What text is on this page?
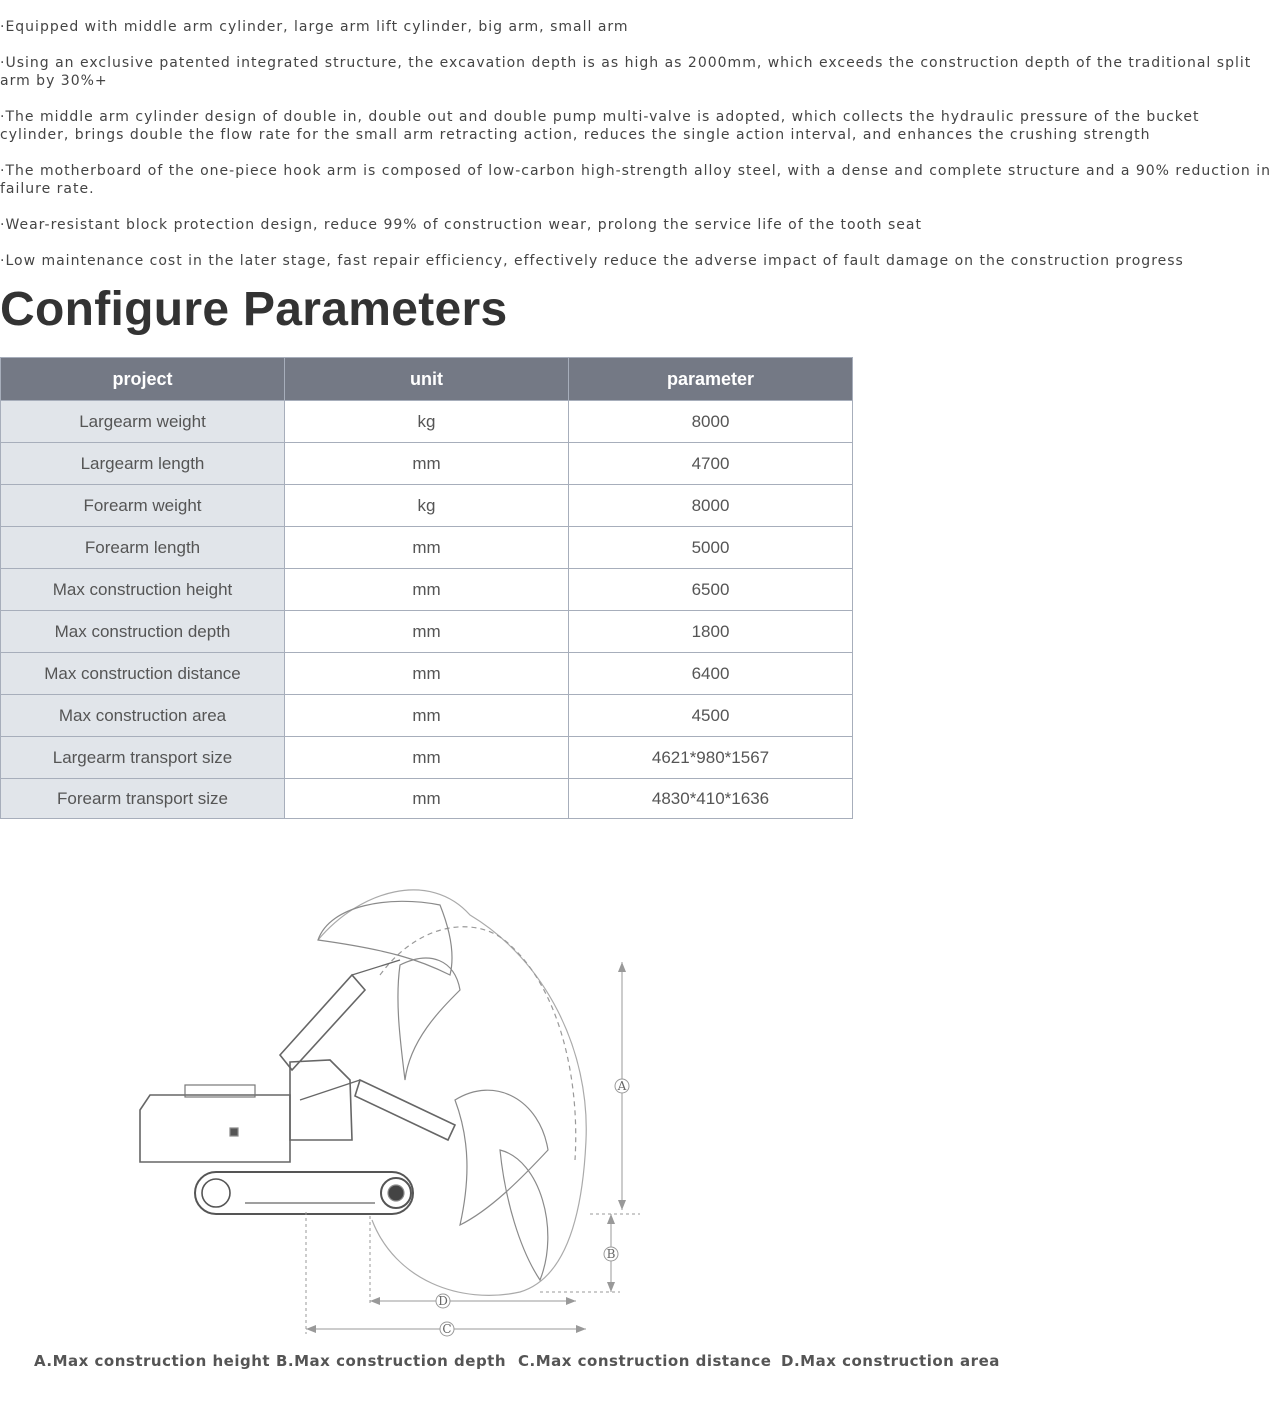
·Equipped with middle arm cylinder, large arm lift cylinder, big arm, small arm

·Using an exclusive patented integrated structure, the excavation depth is as high as 2000mm, which exceeds the construction depth of the traditional split arm by 30%+

·The middle arm cylinder design of double in, double out and double pump multi-valve is adopted, which collects the hydraulic pressure of the bucket cylinder, brings double the flow rate for the small arm retracting action, reduces the single action interval, and enhances the crushing strength

·The motherboard of the one-piece hook arm is composed of low-carbon high-strength alloy steel, with a dense and complete structure and a 90% reduction in failure rate.

·Wear-resistant block protection design, reduce 99% of construction wear, prolong the service life of the tooth seat

·Low maintenance cost in the later stage, fast repair efficiency, effectively reduce the adverse impact of fault damage on the construction progress

Configure Parameters
project	unit	parameter
Largearm weight	kg	8000
Largearm length	mm	4700
Forearm weight	kg	8000
Forearm length	mm	5000
Max construction height	mm	6500
Max construction depth	mm	1800
Max construction distance	mm	6400
Max construction area	mm	4500
Largearm transport size	mm	4621*980*1567
Forearm transport size	mm	4830*410*1636
A
B
C
D
A.Max construction height B.Max construction depth C.Max construction distance D.Max construction area
